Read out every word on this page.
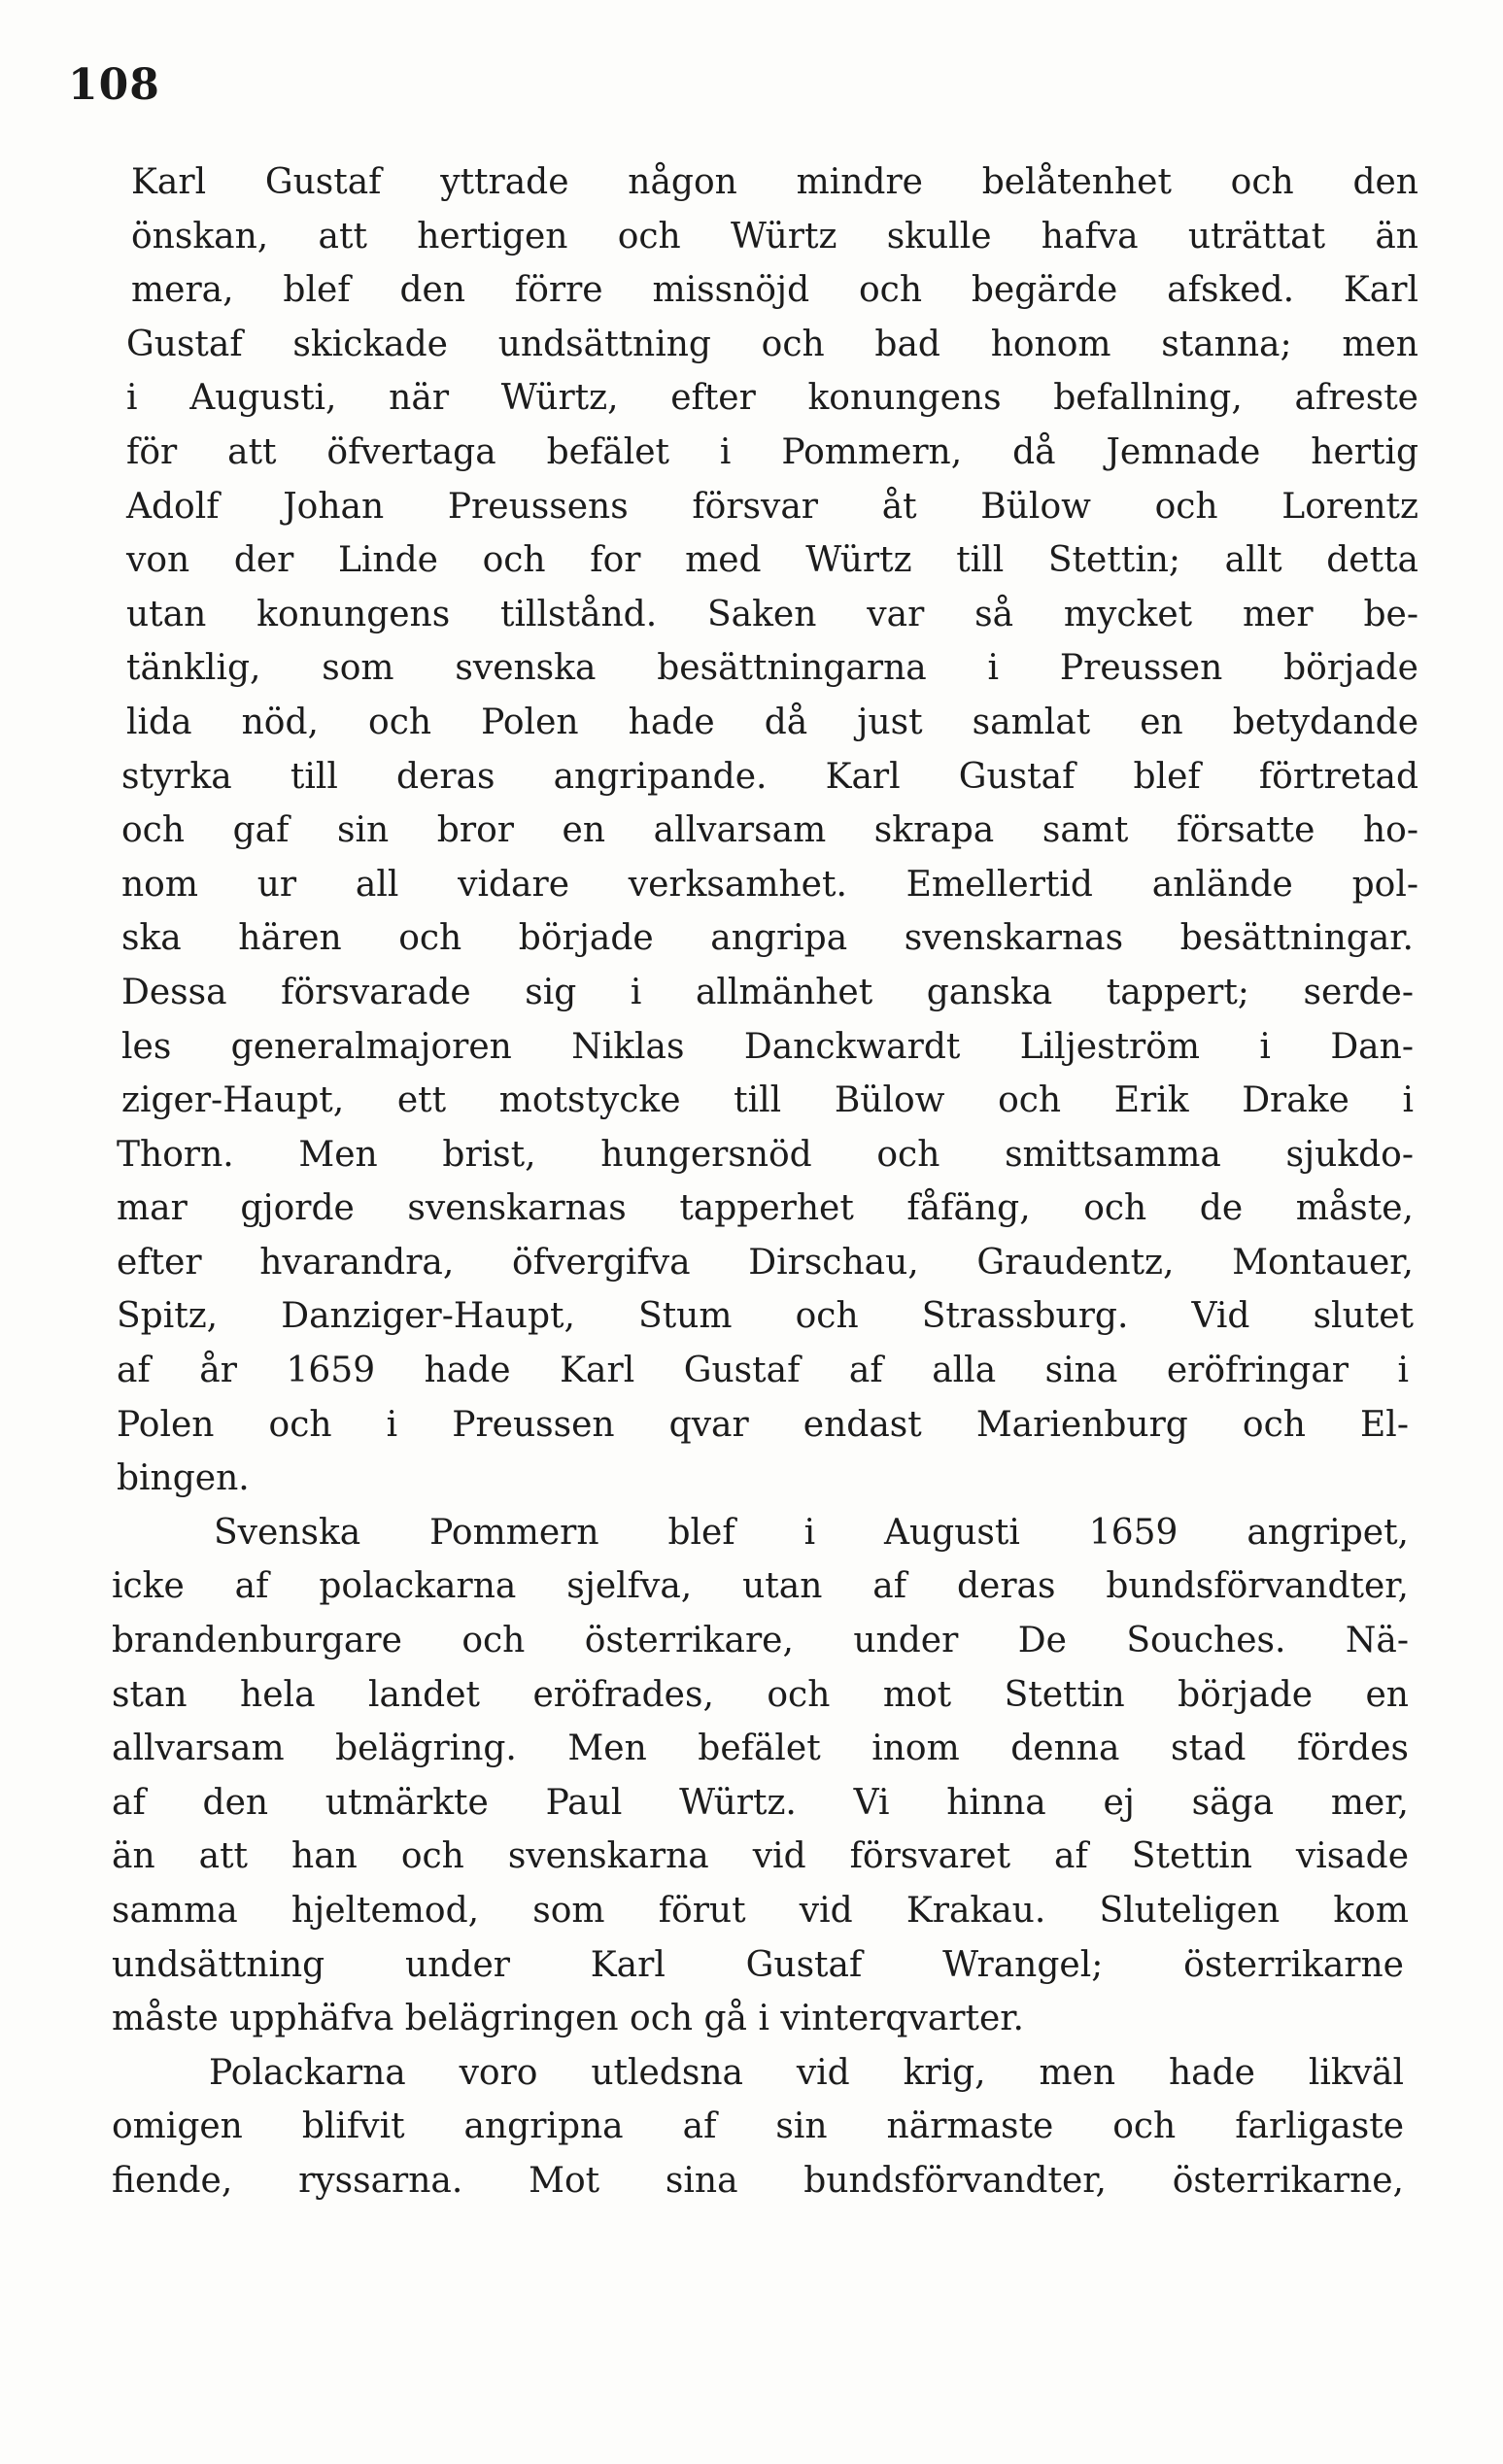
108
Karl Gustaf yttrade någon mindre belåtenhet och den
önskan, att hertigen och Würtz skulle hafva uträttat än
mera, blef den förre missnöjd och begärde afsked. Karl
Gustaf skickade undsättning och bad honom stanna; men
i Augusti, när Würtz, efter konungens befallning, afreste
för att öfvertaga befälet i Pommern, då Jemnade hertig
Adolf Johan Preussens försvar åt Bülow och Lorentz
von der Linde och for med Würtz till Stettin; allt detta
utan konungens tillstånd. Saken var så mycket mer be-
tänklig, som svenska besättningarna i Preussen började
lida nöd, och Polen hade då just samlat en betydande
styrka till deras angripande. Karl Gustaf blef förtretad
och gaf sin bror en allvarsam skrapa samt försatte ho-
nom ur all vidare verksamhet. Emellertid anlände pol-
ska hären och började angripa svenskarnas besättningar.
Dessa försvarade sig i allmänhet ganska tappert; serde-
les generalmajoren Niklas Danckwardt Liljeström i Dan-
ziger-Haupt, ett motstycke till Bülow och Erik Drake i
Thorn. Men brist, hungersnöd och smittsamma sjukdo-
mar gjorde svenskarnas tapperhet fåfäng, och de måste,
efter hvarandra, öfvergifva Dirschau, Graudentz, Montauer,
Spitz, Danziger-Haupt, Stum och Strassburg. Vid slutet
af år 1659 hade Karl Gustaf af alla sina eröfringar i
Polen och i Preussen qvar endast Marienburg och El-
bingen.
Svenska Pommern blef i Augusti 1659 angripet,
icke af polackarna sjelfva, utan af deras bundsförvandter,
brandenburgare och österrikare, under De Souches. Nä-
stan hela landet eröfrades, och mot Stettin började en
allvarsam belägring. Men befälet inom denna stad fördes
af den utmärkte Paul Würtz. Vi hinna ej säga mer,
än att han och svenskarna vid försvaret af Stettin visade
samma hjeltemod, som förut vid Krakau. Sluteligen kom
undsättning under Karl Gustaf Wrangel; österrikarne
måste upphäfva belägringen och gå i vinterqvarter.
Polackarna voro utledsna vid krig, men hade likväl
omigen blifvit angripna af sin närmaste och farligaste
fiende, ryssarna. Mot sina bundsförvandter, österrikarne,
